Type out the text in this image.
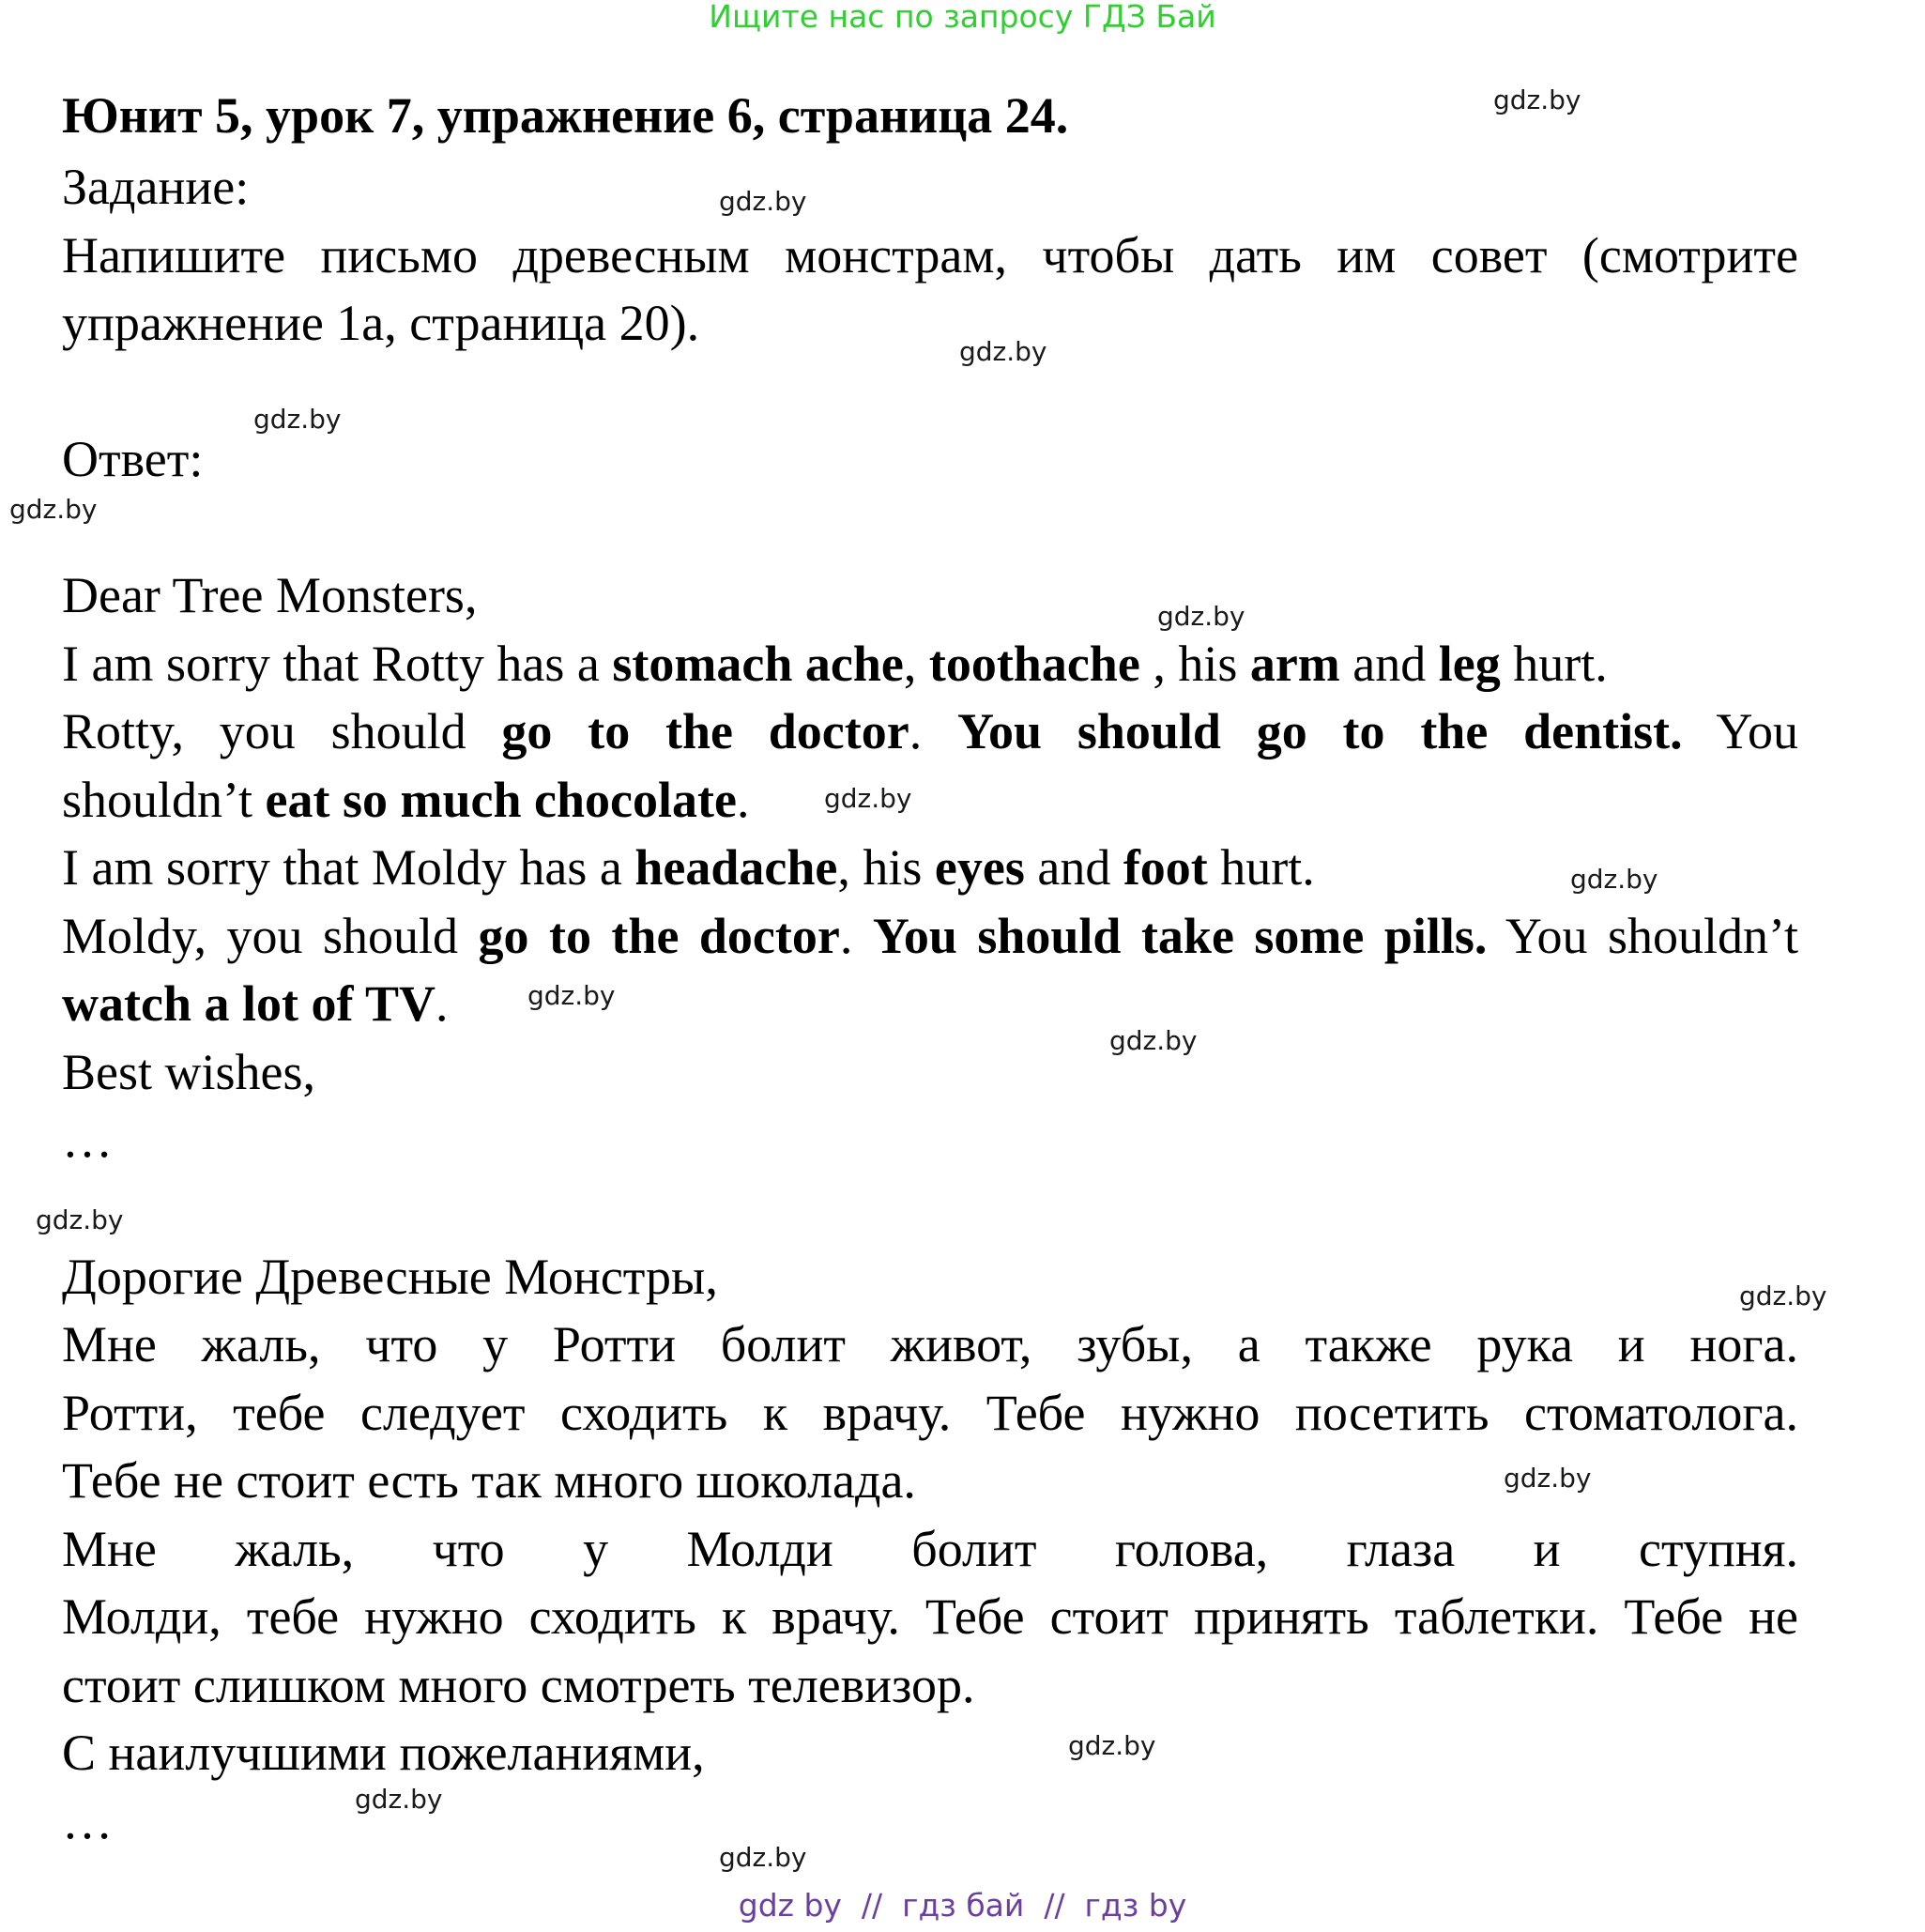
Ищите нас по запросу ГДЗ Бай
Юнит 5, урок 7, упражнение 6, страница 24.
Задание:
Напишите письмо древесным монстрам, чтобы дать им совет (смотрите
упражнение 1a, страница 20).
Ответ:
Dear Tree Monsters,
I am sorry that Rotty has a stomach ache, toothache , his arm and leg hurt.
Rotty, you should go to the doctor. You should go to the dentist. You
shouldn’t eat so much chocolate.
I am sorry that Moldy has a headache, his eyes and foot hurt.
Moldy, you should go to the doctor. You should take some pills. You shouldn’t
watch a lot of TV.
Best wishes,
…
Дорогие Древесные Монстры,
Мне жаль, что у Ротти болит живот, зубы, а также рука и нога.
Ротти, тебе следует сходить к врачу. Тебе нужно посетить стоматолога.
Тебе не стоит есть так много шоколада.
Мне жаль, что у Молди болит голова, глаза и ступня.
Молди, тебе нужно сходить к врачу. Тебе стоит принять таблетки. Тебе не
стоит слишком много смотреть телевизор.
С наилучшими пожеланиями,
…
gdz.by
gdz.by
gdz.by
gdz.by
gdz.by
gdz.by
gdz.by
gdz.by
gdz.by
gdz.by
gdz.by
gdz.by
gdz.by
gdz.by
gdz.by
gdz.by
gdz by  //  гдз бай  //  гдз by
